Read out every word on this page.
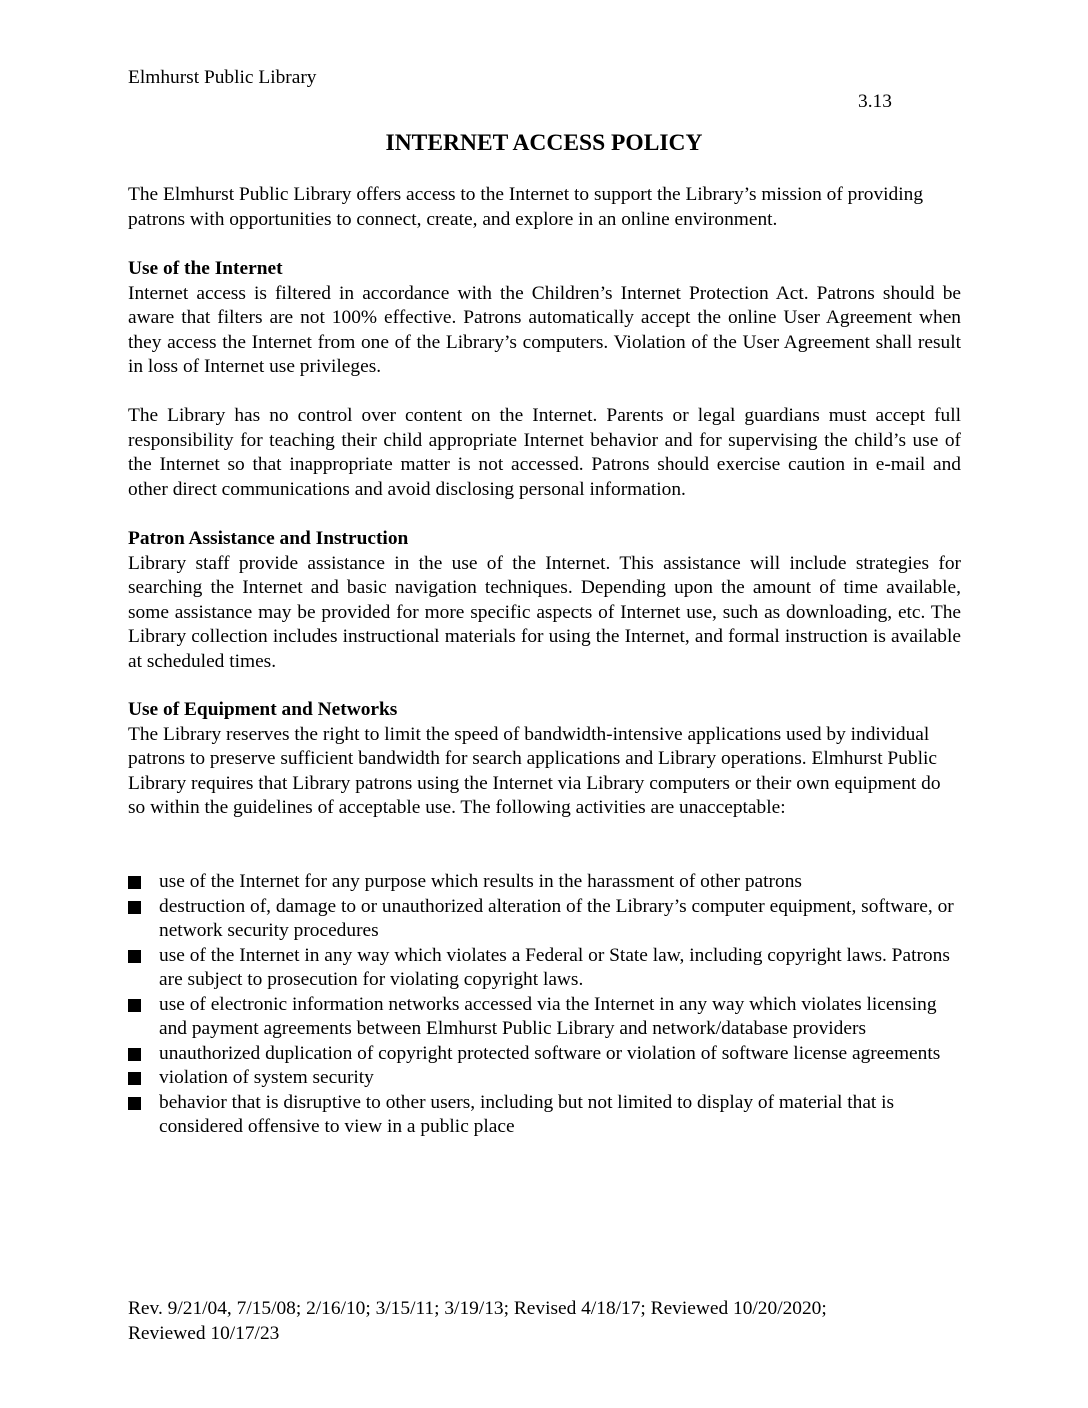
Elmhurst Public Library

3.13

INTERNET ACCESS POLICY

The Elmhurst Public Library offers access to the Internet to support the Library’s mission of providing patrons with opportunities to connect, create, and explore in an online environment.

Use of the Internet

Internet access is filtered in accordance with the Children’s Internet Protection Act. Patrons should be aware that filters are not 100% effective. Patrons automatically accept the online User Agreement when they access the Internet from one of the Library’s computers. Violation of the User Agreement shall result in loss of Internet use privileges.

The Library has no control over content on the Internet. Parents or legal guardians must accept full responsibility for teaching their child appropriate Internet behavior and for supervising the child’s use of the Internet so that inappropriate matter is not accessed. Patrons should exercise caution in e-mail and other direct communications and avoid disclosing personal information.

Patron Assistance and Instruction

Library staff provide assistance in the use of the Internet. This assistance will include strategies for searching the Internet and basic navigation techniques. Depending upon the amount of time available, some assistance may be provided for more specific aspects of Internet use, such as downloading, etc. The Library collection includes instructional materials for using the Internet, and formal instruction is available at scheduled times.

Use of Equipment and Networks

The Library reserves the right to limit the speed of bandwidth-intensive applications used by individual patrons to preserve sufficient bandwidth for search applications and Library operations. Elmhurst Public Library requires that Library patrons using the Internet via Library computers or their own equipment do so within the guidelines of acceptable use. The following activities are unacceptable:

use of the Internet for any purpose which results in the harassment of other patrons
destruction of, damage to or unauthorized alteration of the Library’s computer equipment, software, or network security procedures
use of the Internet in any way which violates a Federal or State law, including copyright laws. Patrons are subject to prosecution for violating copyright laws.
use of electronic information networks accessed via the Internet in any way which violates licensing and payment agreements between Elmhurst Public Library and network/database providers
unauthorized duplication of copyright protected software or violation of software license agreements
violation of system security
behavior that is disruptive to other users, including but not limited to display of material that is considered offensive to view in a public place
Rev. 9/21/04, 7/15/08; 2/16/10; 3/15/11; 3/19/13; Revised 4/18/17; Reviewed 10/20/2020;
Reviewed 10/17/23
